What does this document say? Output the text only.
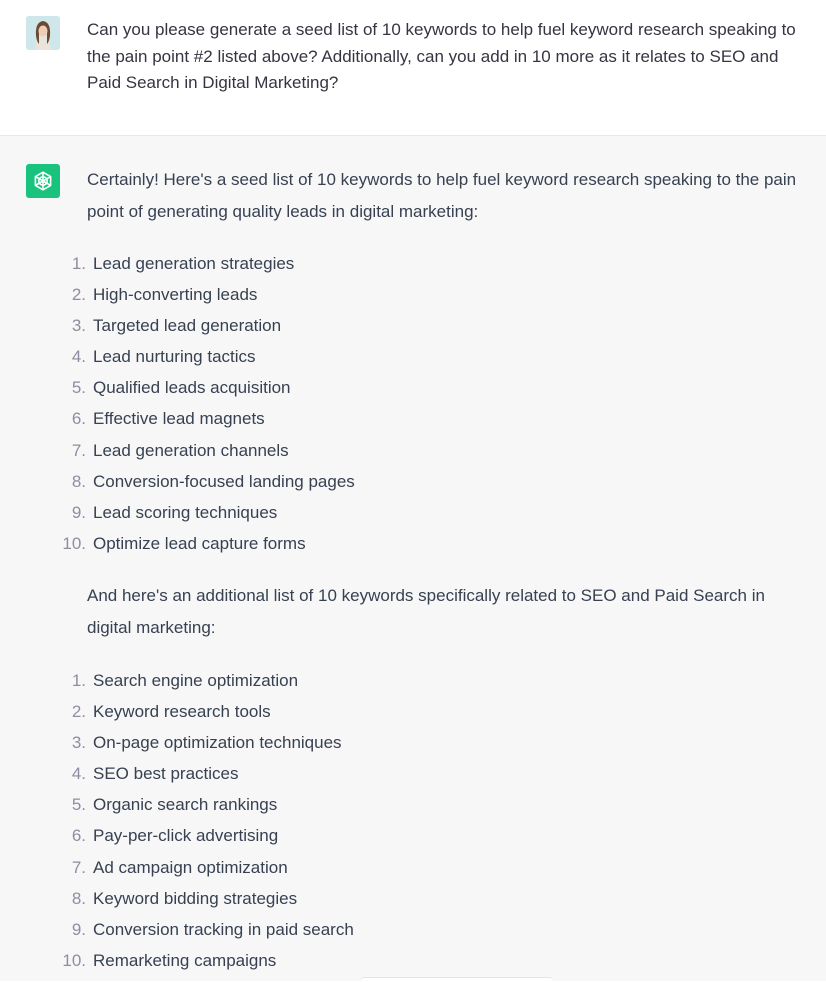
Can you please generate a seed list of 10 keywords to help fuel keyword research speaking to the pain point #2 listed above? Additionally, can you add in 10 more as it relates to SEO and Paid Search in Digital Marketing?
Certainly! Here's a seed list of 10 keywords to help fuel keyword research speaking to the pain point of generating quality leads in digital marketing:
1. Lead generation strategies
2. High-converting leads
3. Targeted lead generation
4. Lead nurturing tactics
5. Qualified leads acquisition
6. Effective lead magnets
7. Lead generation channels
8. Conversion-focused landing pages
9. Lead scoring techniques
10. Optimize lead capture forms
And here's an additional list of 10 keywords specifically related to SEO and Paid Search in digital marketing:
1. Search engine optimization
2. Keyword research tools
3. On-page optimization techniques
4. SEO best practices
5. Organic search rankings
6. Pay-per-click advertising
7. Ad campaign optimization
8. Keyword bidding strategies
9. Conversion tracking in paid search
10. Remarketing campaigns
